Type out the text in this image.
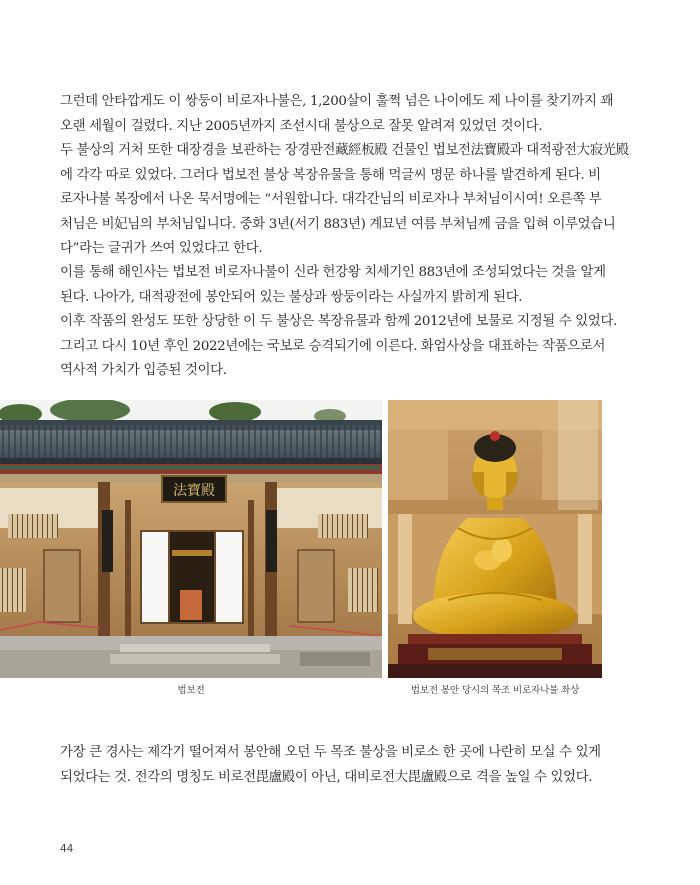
그런데 안타깝게도 이 쌍둥이 비로자나불은, 1,200살이 훌쩍 넘은 나이에도 제 나이를 찾기까지 꽤
오랜 세월이 걸렸다. 지난 2005년까지 조선시대 불상으로 잘못 알려져 있었던 것이다.
두 불상의 거처 또한 대장경을 보관하는 장경판전藏經板殿 건물인 법보전法寶殿과 대적광전大寂光殿
에 각각 따로 있었다. 그러다 법보전 불상 복장유물을 통해 먹글씨 명문 하나를 발견하게 된다. 비
로자나불 복장에서 나온 묵서명에는 “서원합니다. 대각간님의 비로자나 부처님이시여! 오른쪽 부
처님은 비妃님의 부처님입니다. 중화 3년(서기 883년) 계묘년 여름 부처님께 금을 입혀 이루었습니
다”라는 글귀가 쓰여 있었다고 한다.
이를 통해 해인사는 법보전 비로자나불이 신라 헌강왕 치세기인 883년에 조성되었다는 것을 알게
된다. 나아가, 대적광전에 봉안되어 있는 불상과 쌍둥이라는 사실까지 밝히게 된다.
이후 작품의 완성도 또한 상당한 이 두 불상은 복장유물과 함께 2012년에 보물로 지정될 수 있었다.
그리고 다시 10년 후인 2022년에는 국보로 승격되기에 이른다. 화엄사상을 대표하는 작품으로서
역사적 가치가 입증된 것이다.
法寶殿
법보전	법보전 봉안 당시의 목조 비로자나불 좌상
가장 큰 경사는 제각기 떨어져서 봉안해 오던 두 목조 불상을 비로소 한 곳에 나란히 모실 수 있게
되었다는 것. 전각의 명칭도 비로전毘盧殿이 아닌, 대비로전大毘盧殿으로 격을 높일 수 있었다.
44
